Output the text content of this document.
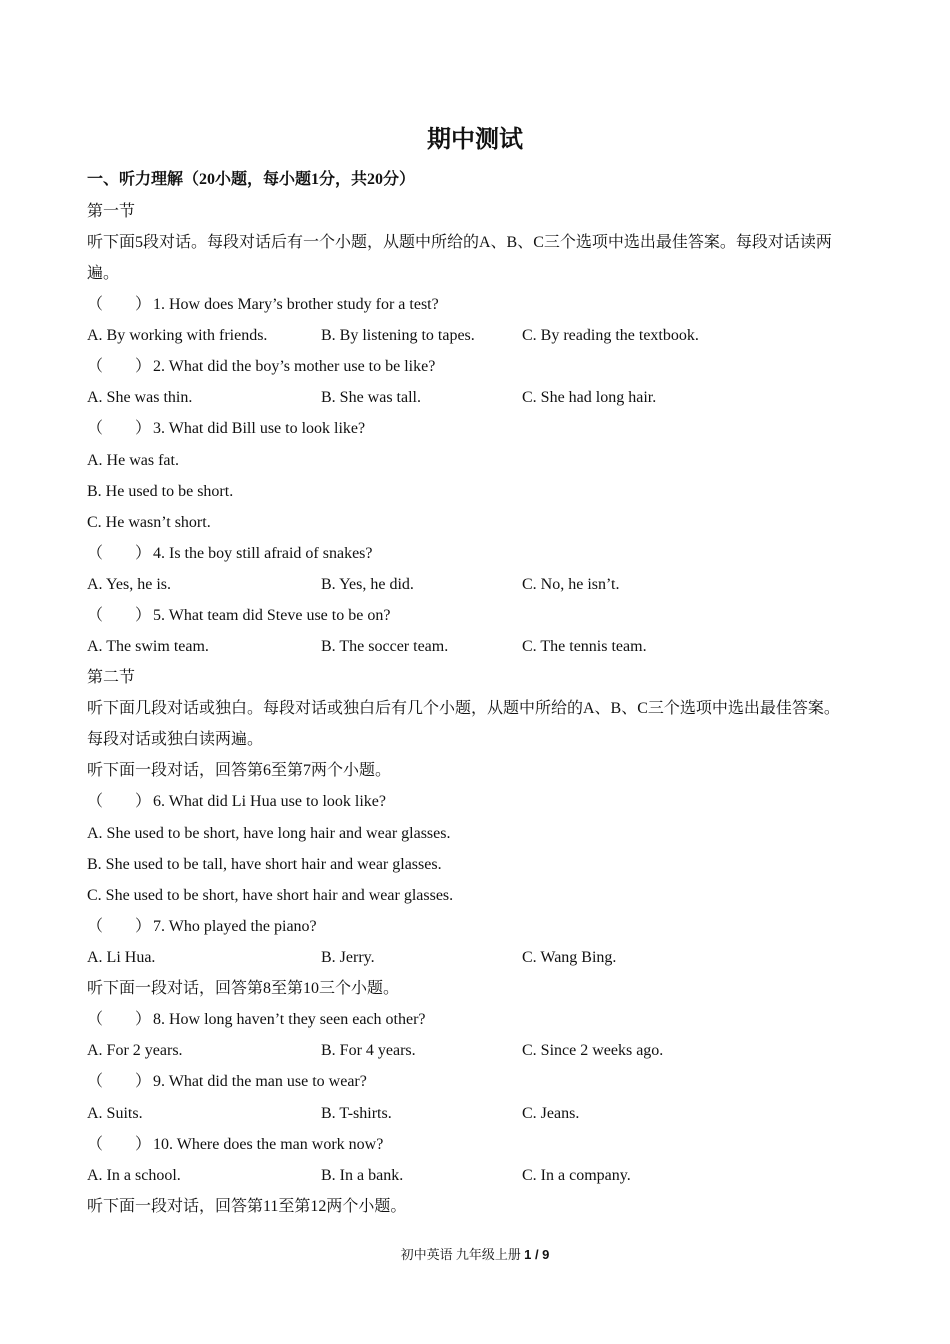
期中测试
一、听力理解（20小题，每小题1分，共20分）
第一节
听下面5段对话。每段对话后有一个小题，从题中所给的A、B、C三个选项中选出最佳答案。每段对话读两
遍。
（　　 ） 1. How does Mary’s brother study for a test?
A. By working with friends.	B. By listening to tapes.	C. By reading the textbook.
（　　 ） 2. What did the boy’s mother use to be like?
A. She was thin.	B. She was tall.	C. She had long hair.
（　　 ） 3. What did Bill use to look like?
A. He was fat.
B. He used to be short.
C. He wasn’t short.
（　　 ） 4. Is the boy still afraid of snakes?
A. Yes, he is.	B. Yes, he did.	C. No, he isn’t.
（　　 ） 5. What team did Steve use to be on?
A. The swim team.	B. The soccer team.	C. The tennis team.
第二节
听下面几段对话或独白。每段对话或独白后有几个小题，从题中所给的A、B、C三个选项中选出最佳答案。
每段对话或独白读两遍。
听下面一段对话，回答第6至第7两个小题。
（　　 ） 6. What did Li Hua use to look like?
A. She used to be short, have long hair and wear glasses.
B. She used to be tall, have short hair and wear glasses.
C. She used to be short, have short hair and wear glasses.
（　　 ） 7. Who played the piano?
A. Li Hua.	B. Jerry.	C. Wang Bing.
听下面一段对话，回答第8至第10三个小题。
（　　 ） 8. How long haven’t they seen each other?
A. For 2 years.	B. For 4 years.	C. Since 2 weeks ago.
（　　 ） 9. What did the man use to wear?
A. Suits.	B. T-shirts.	C. Jeans.
（　　 ） 10. Where does the man work now?
A. In a school.	B. In a bank.	C. In a company.
听下面一段对话，回答第11至第12两个小题。
初中英语 九年级上册 1 / 9
